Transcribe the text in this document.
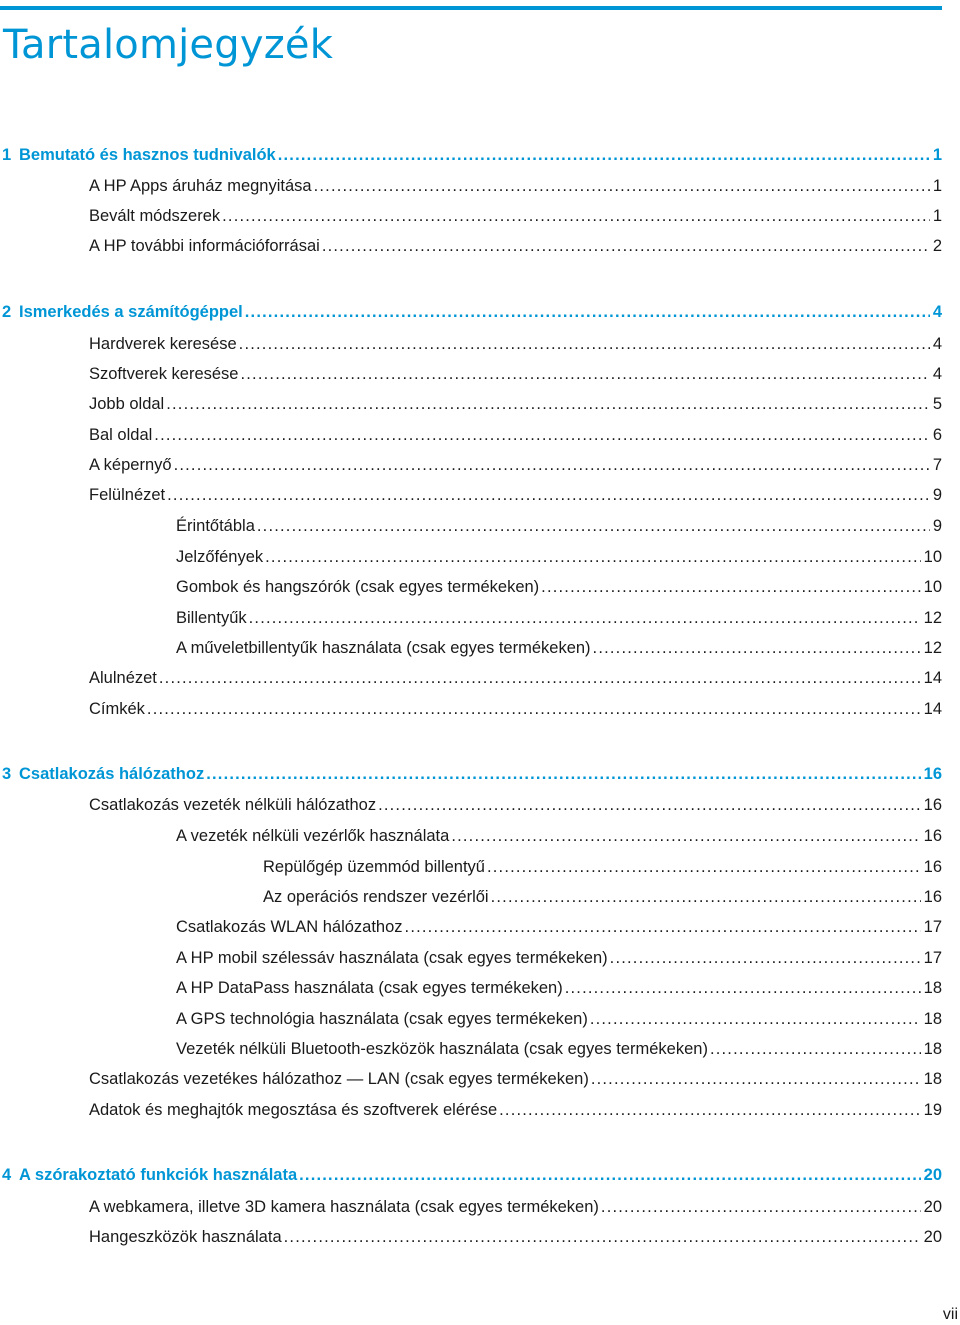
Tartalomjegyzék
1 Bemutató és hasznos tudnivalók .....	1
A HP Apps áruház megnyitása .....	1
Bevált módszerek .....	1
A HP további információforrásai .....	2
2 Ismerkedés a számítógéppel .....	4
Hardverek keresése .....	4
Szoftverek keresése .....	4
Jobb oldal .....	5
Bal oldal .....	6
A képernyő .....	7
Felülnézet .....	9
Érintőtábla .....	9
Jelzőfények .....	10
Gombok és hangszórók (csak egyes termékeken) .....	10
Billentyűk .....	12
A műveletbillentyűk használata (csak egyes termékeken) .....	12
Alulnézet .....	14
Címkék .....	14
3 Csatlakozás hálózathoz .....	16
Csatlakozás vezeték nélküli hálózathoz .....	16
A vezeték nélküli vezérlők használata .....	16
Repülőgép üzemmód billentyű .....	16
Az operációs rendszer vezérlői .....	16
Csatlakozás WLAN hálózathoz .....	17
A HP mobil szélessáv használata (csak egyes termékeken) .....	17
A HP DataPass használata (csak egyes termékeken) .....	18
A GPS technológia használata (csak egyes termékeken) .....	18
Vezeték nélküli Bluetooth-eszközök használata (csak egyes termékeken) .....	18
Csatlakozás vezetékes hálózathoz — LAN (csak egyes termékeken) .....	18
Adatok és meghajtók megosztása és szoftverek elérése .....	19
4 A szórakoztató funkciók használata .....	20
A webkamera, illetve 3D kamera használata (csak egyes termékeken) .....	20
Hangeszközök használata .....	20
vii
